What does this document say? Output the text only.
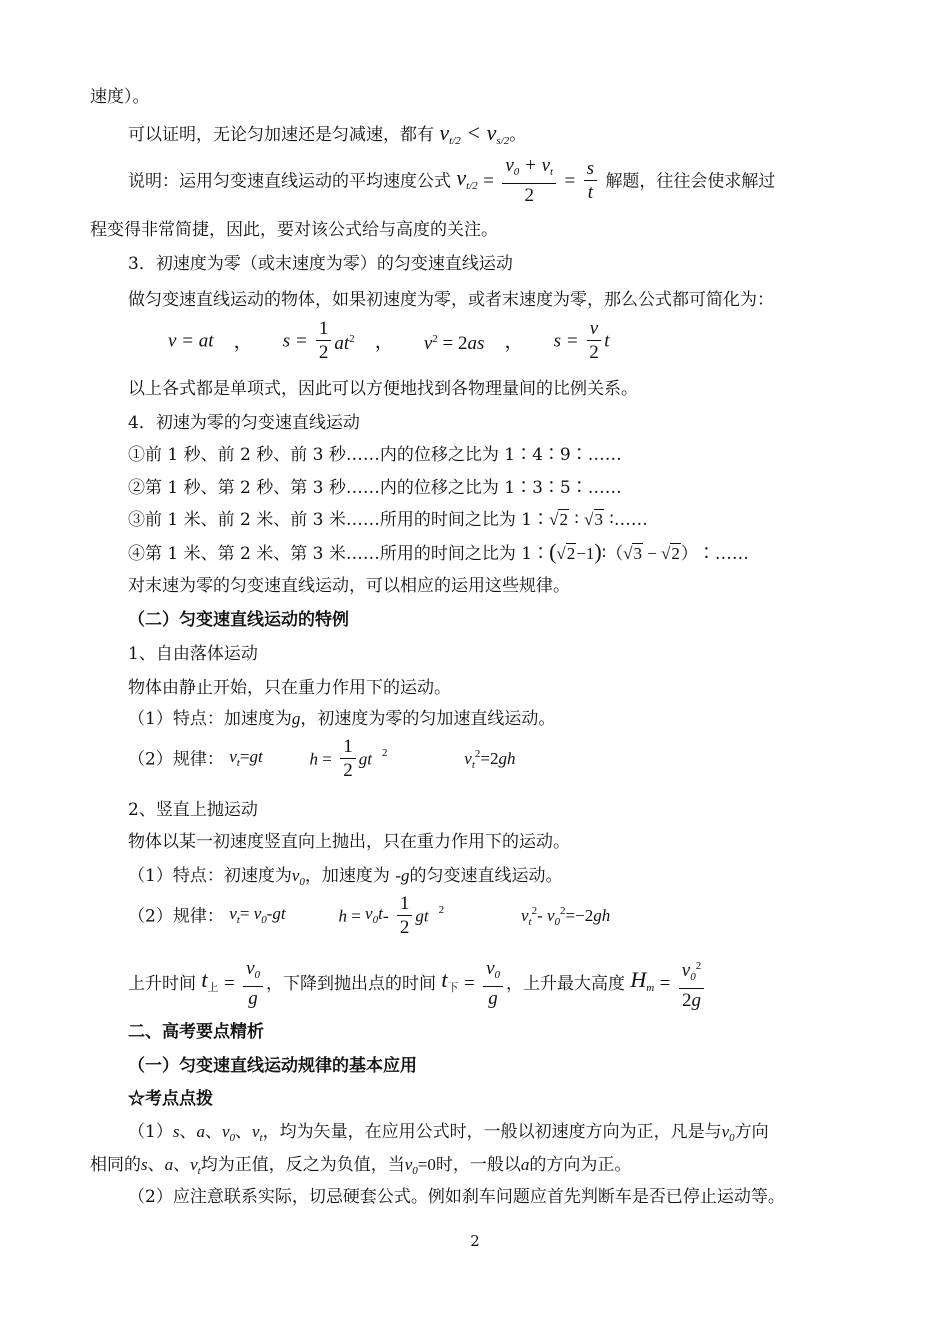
速度）。
可以证明，无论匀加速还是匀减速，都有 $v_{t/2} < v_{s/2}$。
说明：运用匀变速直线运动的平均速度公式 $v_{t/2} = \frac{v_0 + v_t}{2} = \frac{s}{t}$ 解题，往往会使求解过
程变得非常简捷，因此，要对该公式给与高度的关注。
3．初速度为零（或末速度为零）的匀变速直线运动
做匀变速直线运动的物体，如果初速度为零，或者末速度为零，那么公式都可简化为：
v = at ， $s = \frac{1}{2} at^2$ ， $v^2 = 2as$ ， $s = \frac{v}{2}$ t
以上各式都是单项式，因此可以方便地找到各物理量间的比例关系。
4．初速为零的匀变速直线运动
①前 1 秒、前 2 秒、前 3 秒……内的位移之比为 1∶4∶9∶……
②第 1 秒、第 2 秒、第 3 秒……内的位移之比为 1∶3∶5∶……
③前 1 米、前 2 米、前 3 米……所用的时间之比为 1∶√2 ∶ √3 ∶……
④第 1 米、第 2 米、第 3 米……所用的时间之比为 1∶(√2−1)∶（√3 − √2）∶……
对末速为零的匀变速直线运动，可以相应的运用这些规律。
（二）匀变速直线运动的特例
1、自由落体运动
物体由静止开始，只在重力作用下的运动。
（1）特点：加速度为g，初速度为零的匀加速直线运动。
（2）规律： $v_t=gt$	$h = \frac{1}{2}$ gt $^2$	$v_t^2=2gh$
2、竖直上抛运动
物体以某一初速度竖直向上抛出，只在重力作用下的运动。
（1）特点：初速度为$v_0$，加速度为 -g的匀变速直线运动。
（2）规律： $v_t= v_0-gt$	$h = v_0t- \frac{1}{2}$ gt $^2$	$v_t^2-$ $v_0^2=-2gh$
上升时间 t上 = $\frac{v_0}{g}$ ，下降到抛出点的时间 t下 = $\frac{v_0}{g}$ ，上升最大高度 $H_m = \frac{v_0^2}{2g}$
二、高考要点精析
（一）匀变速直线运动规律的基本应用
☆考点点拨
（1）s、a、$v_0$、$v_t$，均为矢量，在应用公式时，一般以初速度方向为正，凡是与$v_0$方向
相同的s、a、$v_t$均为正值，反之为负值，当$v_0=0$时，一般以a的方向为正。
（2）应注意联系实际，切忌硬套公式。例如刹车问题应首先判断车是否已停止运动等。
2
